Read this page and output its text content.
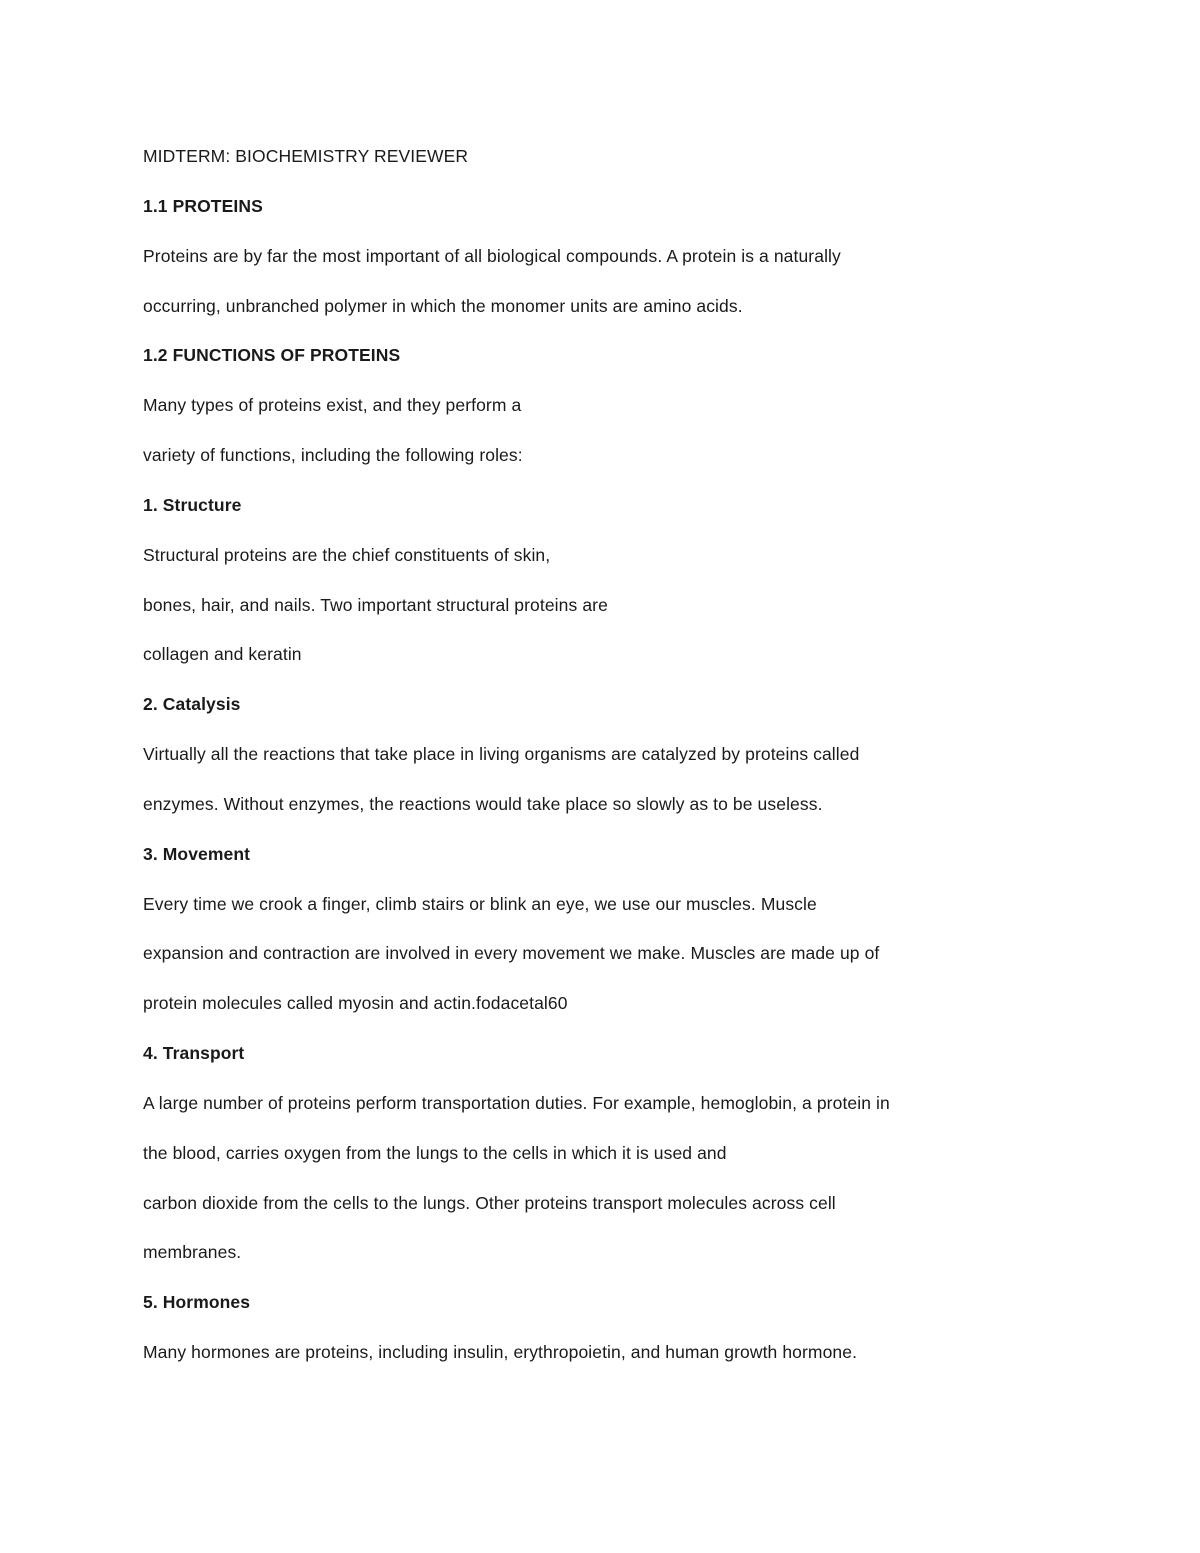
MIDTERM: BIOCHEMISTRY REVIEWER
1.1 PROTEINS
Proteins are by far the most important of all biological compounds. A protein is a naturally
occurring, unbranched polymer in which the monomer units are amino acids.
1.2 FUNCTIONS OF PROTEINS
Many types of proteins exist, and they perform a
variety of functions, including the following roles:
1. Structure
Structural proteins are the chief constituents of skin,
bones, hair, and nails. Two important structural proteins are
collagen and keratin
2. Catalysis
Virtually all the reactions that take place in living organisms are catalyzed by proteins called
enzymes. Without enzymes, the reactions would take place so slowly as to be useless.
3. Movement
Every time we crook a finger, climb stairs or blink an eye, we use our muscles. Muscle
expansion and contraction are involved in every movement we make. Muscles are made up of
protein molecules called myosin and actin.fodacetal60
4. Transport
A large number of proteins perform transportation duties. For example, hemoglobin, a protein in
the blood, carries oxygen from the lungs to the cells in which it is used and
carbon dioxide from the cells to the lungs. Other proteins transport molecules across cell
membranes.
5. Hormones
Many hormones are proteins, including insulin, erythropoietin, and human growth hormone.
